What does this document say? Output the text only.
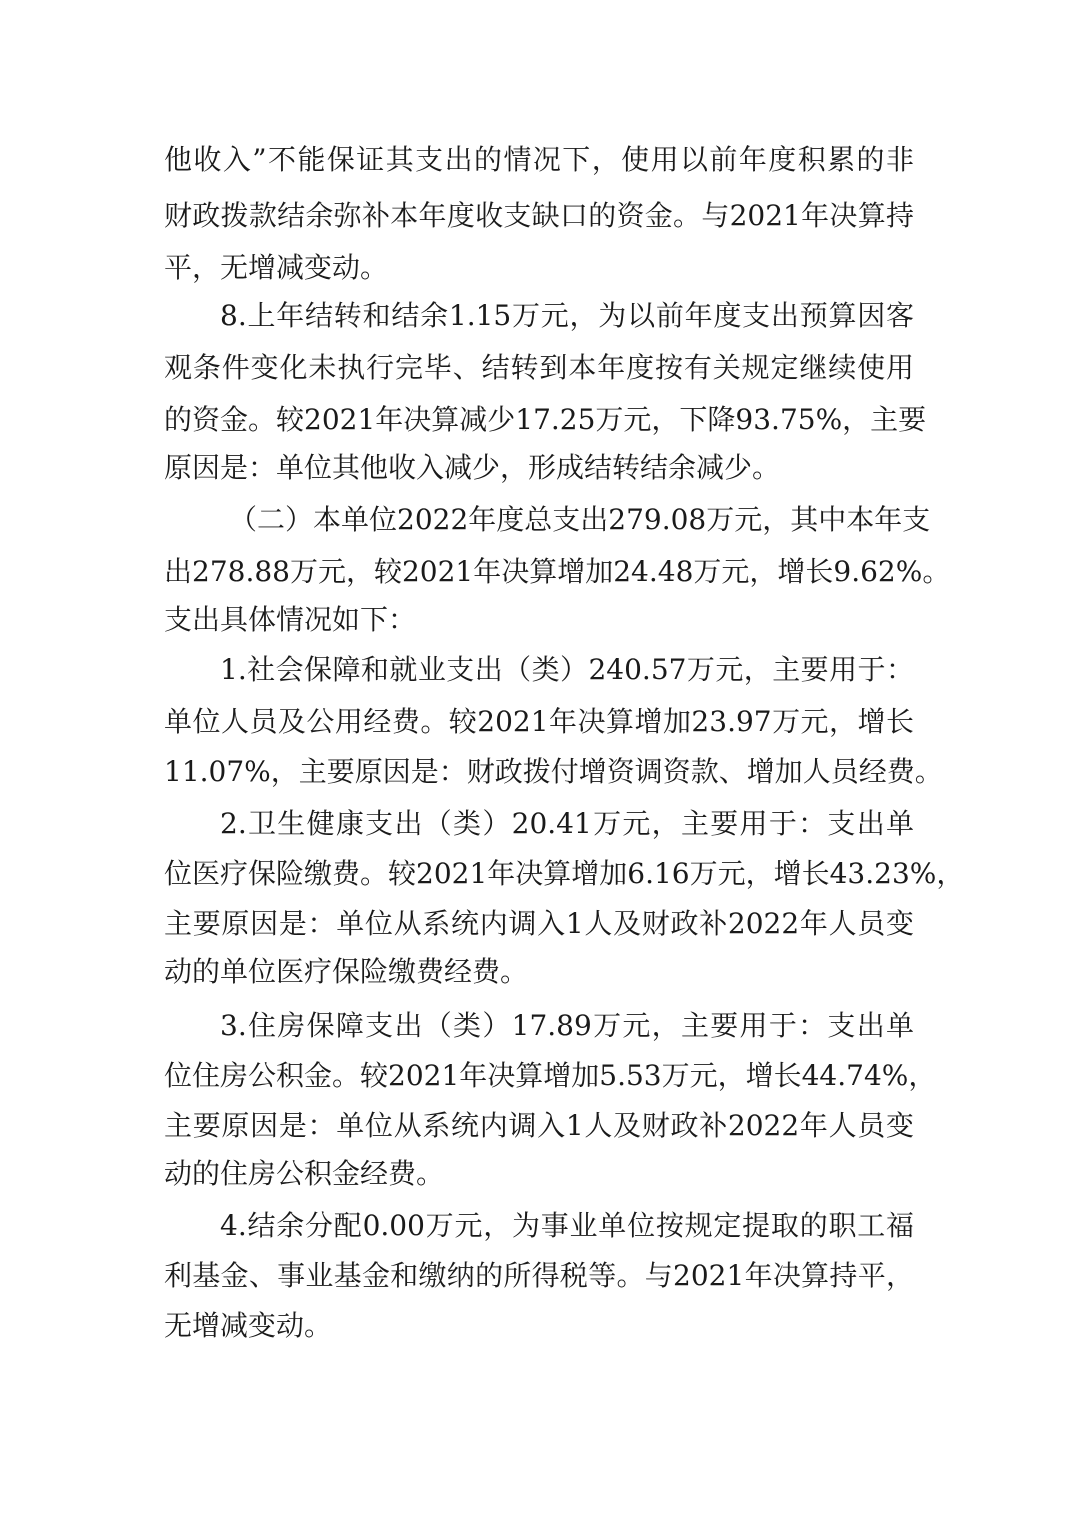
他收入”不能保证其支出的情况下，使用以前年度积累的非
财政拨款结余弥补本年度收支缺口的资金。与2021年决算持
平，无增减变动。
8.上年结转和结余1.15万元，为以前年度支出预算因客
观条件变化未执行完毕、结转到本年度按有关规定继续使用
的资金。较2021年决算减少17.25万元，下降93.75%，主要
原因是：单位其他收入减少，形成结转结余减少。
（二）本单位2022年度总支出279.08万元，其中本年支
出278.88万元，较2021年决算增加24.48万元，增长9.62%。
支出具体情况如下：
1.社会保障和就业支出（类）240.57万元，主要用于：
单位人员及公用经费。较2021年决算增加23.97万元，增长
11.07%，主要原因是：财政拨付增资调资款、增加人员经费。
2.卫生健康支出（类）20.41万元，主要用于：支出单
位医疗保险缴费。较2021年决算增加6.16万元，增长43.23%，
主要原因是：单位从系统内调入1人及财政补2022年人员变
动的单位医疗保险缴费经费。
3.住房保障支出（类）17.89万元，主要用于：支出单
位住房公积金。较2021年决算增加5.53万元，增长44.74%，
主要原因是：单位从系统内调入1人及财政补2022年人员变
动的住房公积金经费。
4.结余分配0.00万元，为事业单位按规定提取的职工福
利基金、事业基金和缴纳的所得税等。与2021年决算持平，
无增减变动。
